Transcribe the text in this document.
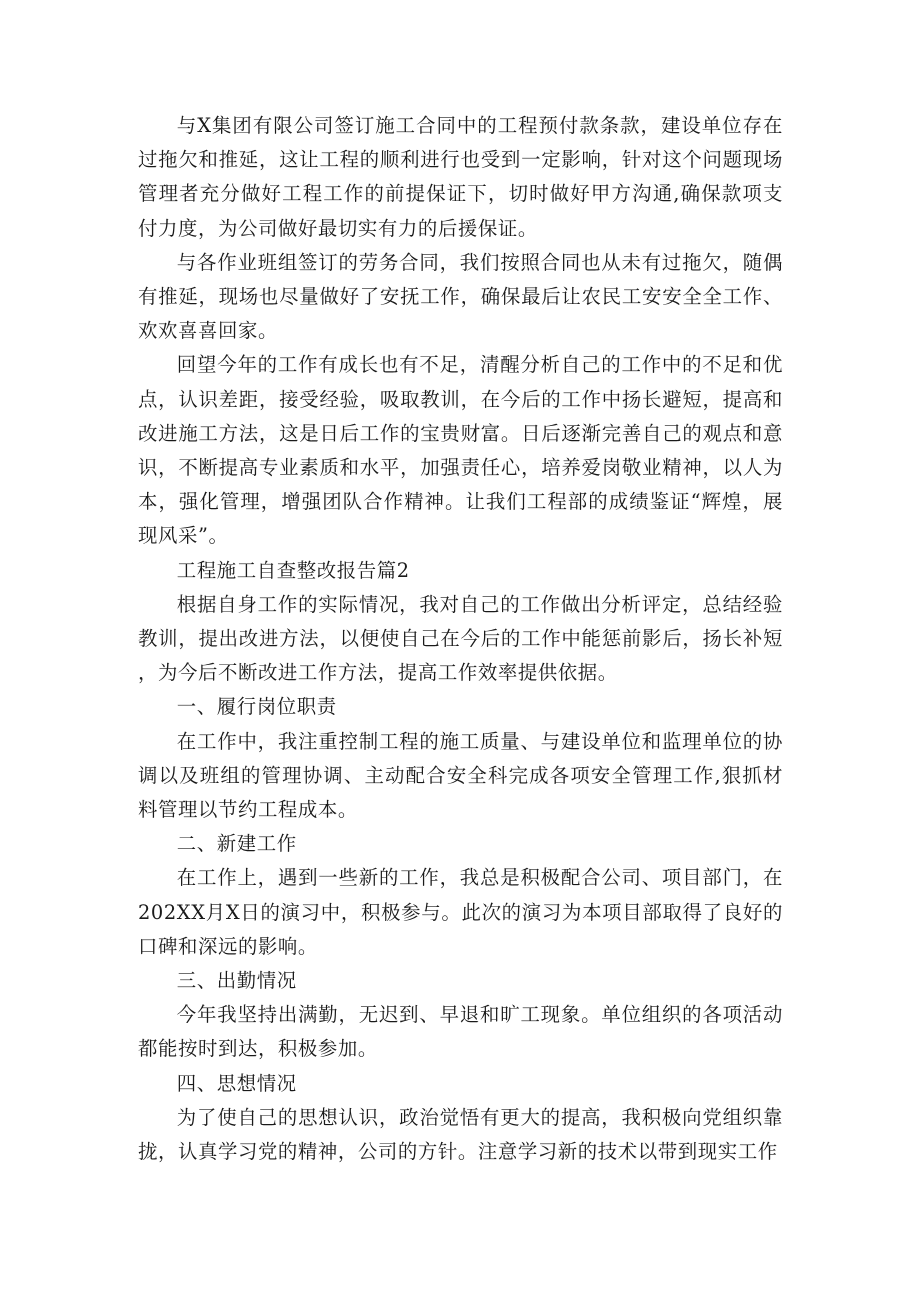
与X集团有限公司签订施工合同中的工程预付款条款，建设单位存在过拖欠和推延，这让工程的顺利进行也受到一定影响，针对这个问题现场管理者充分做好工程工作的前提保证下，切时做好甲方沟通,确保款项支付力度，为公司做好最切实有力的后援保证。

与各作业班组签订的劳务合同，我们按照合同也从未有过拖欠，随偶有推延，现场也尽量做好了安抚工作，确保最后让农民工安安全全工作、欢欢喜喜回家。

回望今年的工作有成长也有不足，清醒分析自己的工作中的不足和优点，认识差距，接受经验，吸取教训，在今后的工作中扬长避短，提高和改进施工方法，这是日后工作的宝贵财富。日后逐渐完善自己的观点和意识，不断提高专业素质和水平，加强责任心，培养爱岗敬业精神，以人为本，强化管理，增强团队合作精神。让我们工程部的成绩鉴证“辉煌，展现风采”。

工程施工自查整改报告篇2

根据自身工作的实际情况，我对自己的工作做出分析评定，总结经验教训，提出改进方法，以便使自己在今后的工作中能惩前影后，扬长补短，为今后不断改进工作方法，提高工作效率提供依据。

一、履行岗位职责

在工作中，我注重控制工程的施工质量、与建设单位和监理单位的协调以及班组的管理协调、主动配合安全科完成各项安全管理工作,狠抓材料管理以节约工程成本。

二、新建工作

在工作上，遇到一些新的工作，我总是积极配合公司、项目部门，在202XX月X日的演习中，积极参与。此次的演习为本项目部取得了良好的口碑和深远的影响。

三、出勤情况

今年我坚持出满勤，无迟到、早退和旷工现象。单位组织的各项活动都能按时到达，积极参加。

四、思想情况

为了使自己的思想认识，政治觉悟有更大的提高，我积极向党组织靠拢，认真学习党的精神，公司的方针。注意学习新的技术以带到现实工作
